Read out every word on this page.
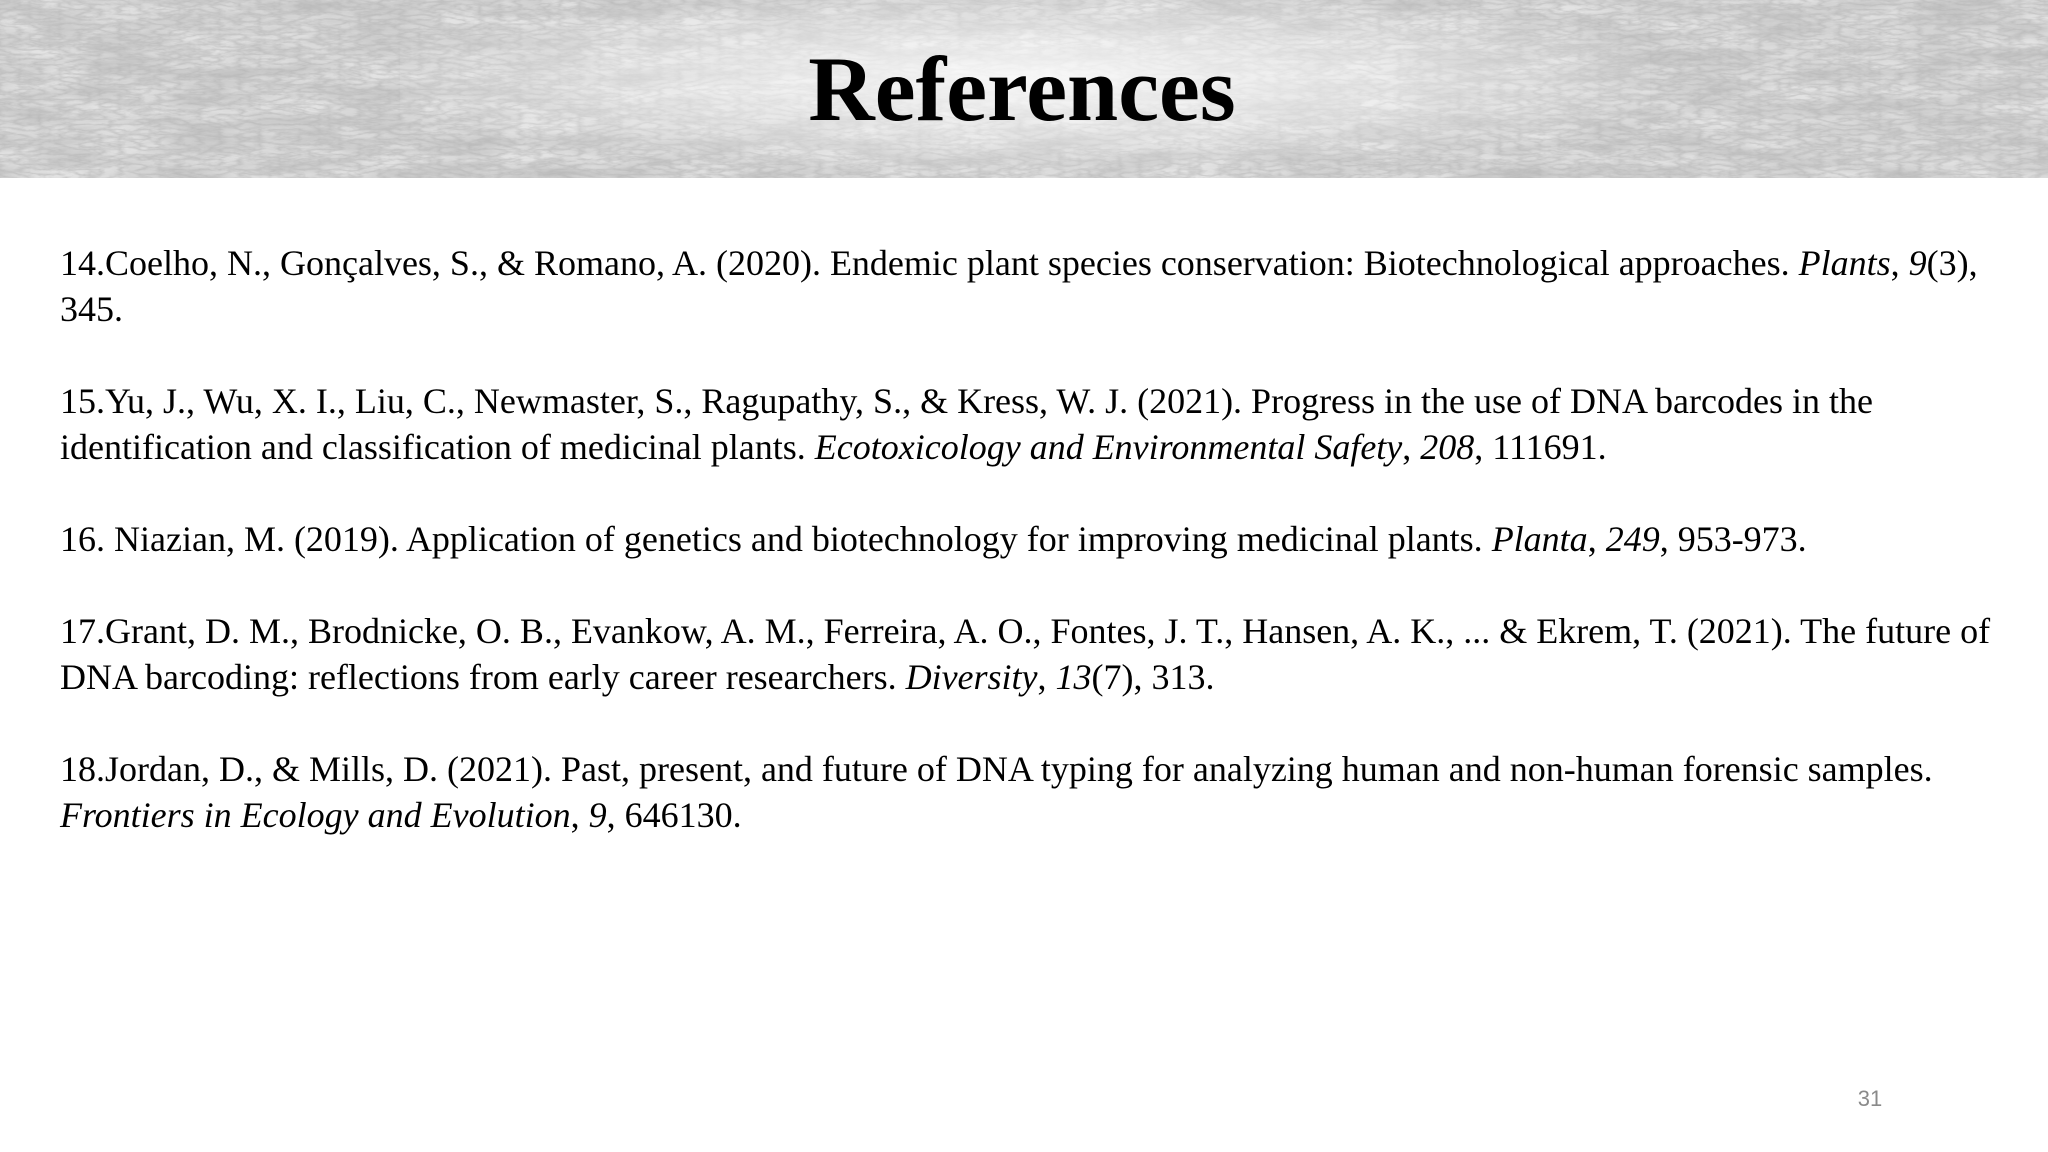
References

14.Coelho, N., Gonçalves, S., & Romano, A. (2020). Endemic plant species conservation: Biotechnological approaches. Plants, 9(3), 345.

15.Yu, J., Wu, X. I., Liu, C., Newmaster, S., Ragupathy, S., & Kress, W. J. (2021). Progress in the use of DNA barcodes in the identification and classification of medicinal plants. Ecotoxicology and Environmental Safety, 208, 111691.

16. Niazian, M. (2019). Application of genetics and biotechnology for improving medicinal plants. Planta, 249, 953-973.

17.Grant, D. M., Brodnicke, O. B., Evankow, A. M., Ferreira, A. O., Fontes, J. T., Hansen, A. K., ... & Ekrem, T. (2021). The future of DNA barcoding: reflections from early career researchers. Diversity, 13(7), 313.

18.Jordan, D., & Mills, D. (2021). Past, present, and future of DNA typing for analyzing human and non-human forensic samples. Frontiers in Ecology and Evolution, 9, 646130.

31
